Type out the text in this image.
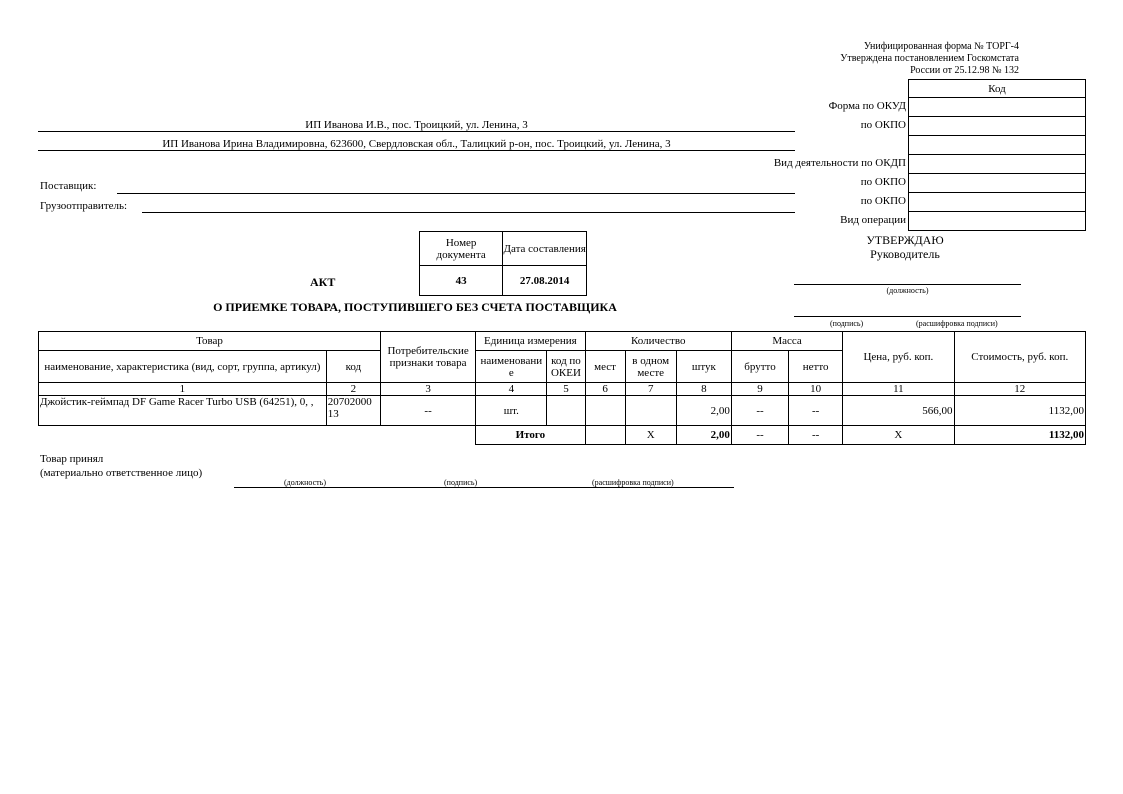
Унифицированная форма № ТОРГ-4
Утверждена постановлением Госкомстата
России от 25.12.98 № 132
Код

Форма по ОКУД
по ОКПО
Вид деятельности по ОКДП
по ОКПО
по ОКПО
Вид операции
ИП Иванова И.В., пос. Троицкий, ул. Ленина, 3
ИП Иванова Ирина Владимировна, 623600, Свердловская обл., Талицкий р-он, пос. Троицкий, ул. Ленина, 3
Поставщик:
Грузоотправитель:
Номер документа	Дата составления
43	27.08.2014
АКТ
О ПРИЕМКЕ ТОВАРА, ПОСТУПИВШЕГО БЕЗ СЧЕТА ПОСТАВЩИКА
УТВЕРЖДАЮ
Руководитель
(должность)
(подпись)	(расшифровка подписи)
Товар		Потребительские признаки товара	Единица измерения		Количество			Масса		Цена, руб. коп.	Стоимость, руб. коп.
наименование, характеристика (вид, сорт, группа, артикул)	код		наименовани е	код по ОКЕИ	мест	в одном месте	штук	брутто	нетто		
1	2	3	4	5	6	7	8	9	10	11	12
Джойстик-геймпад DF Game Racer Turbo USB (64251), 0, ,	20702000 13	--	шт.				2,00	--	--	566,00	1132,00
			Итого			X	2,00	--	--	X	1132,00
Товар принял
(материально ответственное лицо)
(должность)	(подпись)	(расшифровка подписи)
